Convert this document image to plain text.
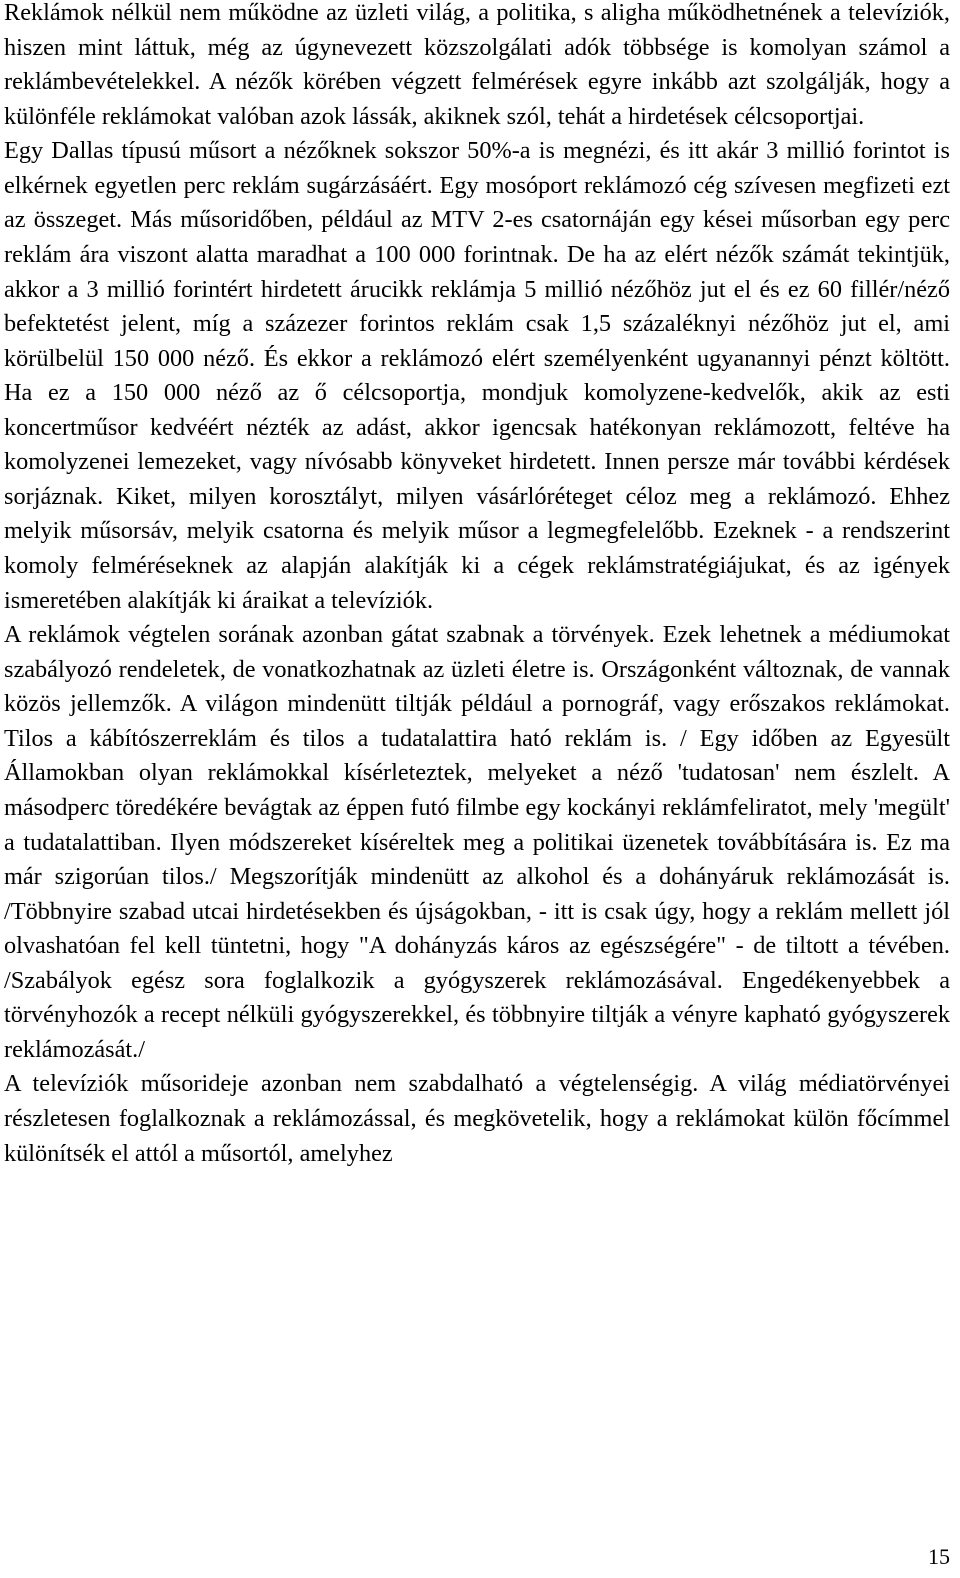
Reklámok nélkül nem működne az üzleti világ, a politika, s aligha működhetnének a televíziók, hiszen mint láttuk, még az úgynevezett közszolgálati adók többsége is komolyan számol a reklámbevételekkel. A nézők körében végzett felmérések egyre inkább azt szolgálják, hogy a különféle reklámokat valóban azok lássák, akiknek szól, tehát a hirdetések célcsoportjai.

Egy Dallas típusú műsort a nézőknek sokszor 50%-a is megnézi, és itt akár 3 millió forintot is elkérnek egyetlen perc reklám sugárzásáért. Egy mosóport reklámozó cég szívesen megfizeti ezt az összeget. Más műsoridőben, például az MTV 2-es csatornáján egy kései műsorban egy perc reklám ára viszont alatta maradhat a 100 000 forintnak. De ha az elért nézők számát tekintjük, akkor a 3 millió forintért hirdetett árucikk reklámja 5 millió nézőhöz jut el és ez 60 fillér/néző befektetést jelent, míg a százezer forintos reklám csak 1,5 százaléknyi nézőhöz jut el, ami körülbelül 150 000 néző. És ekkor a reklámozó elért személyenként ugyanannyi pénzt költött. Ha ez a 150 000 néző az ő célcsoportja, mondjuk komolyzene-kedvelők, akik az esti koncertműsor kedvéért nézték az adást, akkor igencsak hatékonyan reklámozott, feltéve ha komolyzenei lemezeket, vagy nívósabb könyveket hirdetett. Innen persze már további kérdések sorjáznak. Kiket, milyen korosztályt, milyen vásárlóréteget céloz meg a reklámozó. Ehhez melyik műsorsáv, melyik csatorna és melyik műsor a legmegfelelőbb. Ezeknek - a rendszerint komoly felméréseknek az alapján alakítják ki a cégek reklámstratégiájukat, és az igények ismeretében alakítják ki áraikat a televíziók.

A reklámok végtelen sorának azonban gátat szabnak a törvények. Ezek lehetnek a médiumokat szabályozó rendeletek, de vonatkozhatnak az üzleti életre is. Országonként változnak, de vannak közös jellemzők. A világon mindenütt tiltják például a pornográf, vagy erőszakos reklámokat. Tilos a kábítószerreklám és tilos a tudatalattira ható reklám is. / Egy időben az Egyesült Államokban olyan reklámokkal kísérleteztek, melyeket a néző 'tudatosan' nem észlelt. A másodperc töredékére bevágtak az éppen futó filmbe egy kockányi reklámfeliratot, mely 'megült' a tudatalattiban. Ilyen módszereket kíséreltek meg a politikai üzenetek továbbítására is. Ez ma már szigorúan tilos./ Megszorítják mindenütt az alkohol és a dohányáruk reklámozását is. /Többnyire szabad utcai hirdetésekben és újságokban, - itt is csak úgy, hogy a reklám mellett jól olvashatóan fel kell tüntetni, hogy "A dohányzás káros az egészségére" - de tiltott a tévében. /Szabályok egész sora foglalkozik a gyógyszerek reklámozásával. Engedékenyebbek a törvényhozók a recept nélküli gyógyszerekkel, és többnyire tiltják a vényre kapható gyógyszerek reklámozását./

A televíziók műsorideje azonban nem szabdalható a végtelenségig. A világ médiatörvényei részletesen foglalkoznak a reklámozással, és megkövetelik, hogy a reklámokat külön főcímmel különítsék el attól a műsortól, amelyhez

15
